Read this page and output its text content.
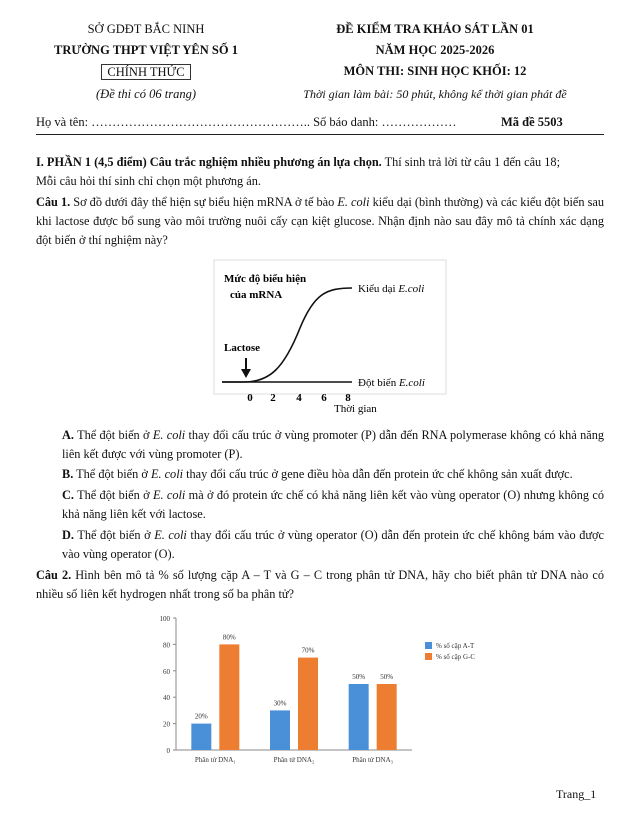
SỞ GDĐT BẮC NINH
TRƯỜNG THPT VIỆT YÊN SỐ 1
CHÍNH THỨC
(Đề thi có 06 trang)
ĐỀ KIỂM TRA KHẢO SÁT LẦN 01
NĂM HỌC 2025-2026
MÔN THI: SINH HỌC KHỐI: 12
Thời gian làm bài: 50 phút, không kể thời gian phát đề
Họ và tên: …………………………………………….. Số báo danh: ………………	Mã đề 5503
I. PHẦN 1 (4,5 điểm) Câu trắc nghiệm nhiều phương án lựa chọn. Thí sinh trả lời từ câu 1 đến câu 18;
Mỗi câu hỏi thí sinh chỉ chọn một phương án.
Câu 1. Sơ đồ dưới đây thể hiện sự biểu hiện mRNA ở tế bào E. coli kiểu dại (bình thường) và các kiểu đột biến sau khi lactose được bổ sung vào môi trường nuôi cấy cạn kiệt glucose. Nhận định nào sau đây mô tả chính xác dạng đột biến ở thí nghiệm này?
Mức độ biểu hiện
của mRNA
Lactose
Kiểu dại E.coli
Đột biến E.coli
0 2 4 6 8
Thời gian
A. Thể đột biến ở E. coli thay đổi cấu trúc ở vùng promoter (P) dẫn đến RNA polymerase không có khả năng liên kết được với vùng promoter (P).
B. Thể đột biến ở E. coli thay đổi cấu trúc ở gene điều hòa dẫn đến protein ức chế không sản xuất được.
C. Thể đột biến ở E. coli mà ở đó protein ức chế có khả năng liên kết vào vùng operator (O) nhưng không có khả năng liên kết với lactose.
D. Thể đột biến ở E. coli thay đổi cấu trúc ở vùng operator (O) dẫn đến protein ức chế không bám vào được vào vùng operator (O).
Câu 2. Hình bên mô tả % số lượng cặp A – T và G – C trong phân tử DNA, hãy cho biết phân tử DNA nào có nhiều số liên kết hydrogen nhất trong số ba phân tử?
0
20
40
60
80
100
20%
80%
Phân tử DNA₁
30%
70%
Phân tử DNA₂
50% 50%
Phân tử DNA₃
% số cặp A-T
% số cặp G-C
Trang_1
